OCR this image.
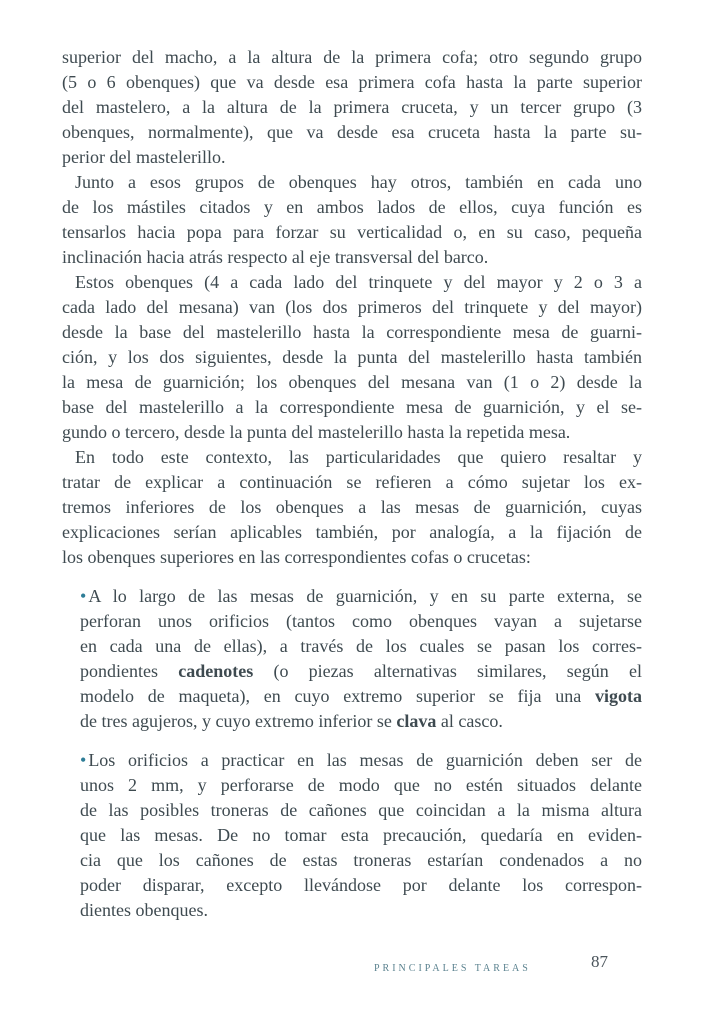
superior del macho, a la altura de la primera cofa; otro segundo grupo
(5 o 6 obenques) que va desde esa primera cofa hasta la parte superior
del mastelero, a la altura de la primera cruceta, y un tercer grupo (3
obenques, normalmente), que va desde esa cruceta hasta la parte su-
perior del mastelerillo.
Junto a esos grupos de obenques hay otros, también en cada uno
de los mástiles citados y en ambos lados de ellos, cuya función es
tensarlos hacia popa para forzar su verticalidad o, en su caso, pequeña
inclinación hacia atrás respecto al eje transversal del barco.
Estos obenques (4 a cada lado del trinquete y del mayor y 2 o 3 a
cada lado del mesana) van (los dos primeros del trinquete y del mayor)
desde la base del mastelerillo hasta la correspondiente mesa de guarni-
ción, y los dos siguientes, desde la punta del mastelerillo hasta también
la mesa de guarnición; los obenques del mesana van (1 o 2) desde la
base del mastelerillo a la correspondiente mesa de guarnición, y el se-
gundo o tercero, desde la punta del mastelerillo hasta la repetida mesa.
En todo este contexto, las particularidades que quiero resaltar y
tratar de explicar a continuación se refieren a cómo sujetar los ex-
tremos inferiores de los obenques a las mesas de guarnición, cuyas
explicaciones serían aplicables también, por analogía, a la fijación de
los obenques superiores en las correspondientes cofas o crucetas:
• A lo largo de las mesas de guarnición, y en su parte externa, se
perforan unos orificios (tantos como obenques vayan a sujetarse
en cada una de ellas), a través de los cuales se pasan los corres-
pondientes cadenotes (o piezas alternativas similares, según el
modelo de maqueta), en cuyo extremo superior se fija una vigota
de tres agujeros, y cuyo extremo inferior se clava al casco.
• Los orificios a practicar en las mesas de guarnición deben ser de
unos 2 mm, y perforarse de modo que no estén situados delante
de las posibles troneras de cañones que coincidan a la misma altura
que las mesas. De no tomar esta precaución, quedaría en eviden-
cia que los cañones de estas troneras estarían condenados a no
poder disparar, excepto llevándose por delante los correspon-
dientes obenques.
PRINCIPALES TAREAS	87
